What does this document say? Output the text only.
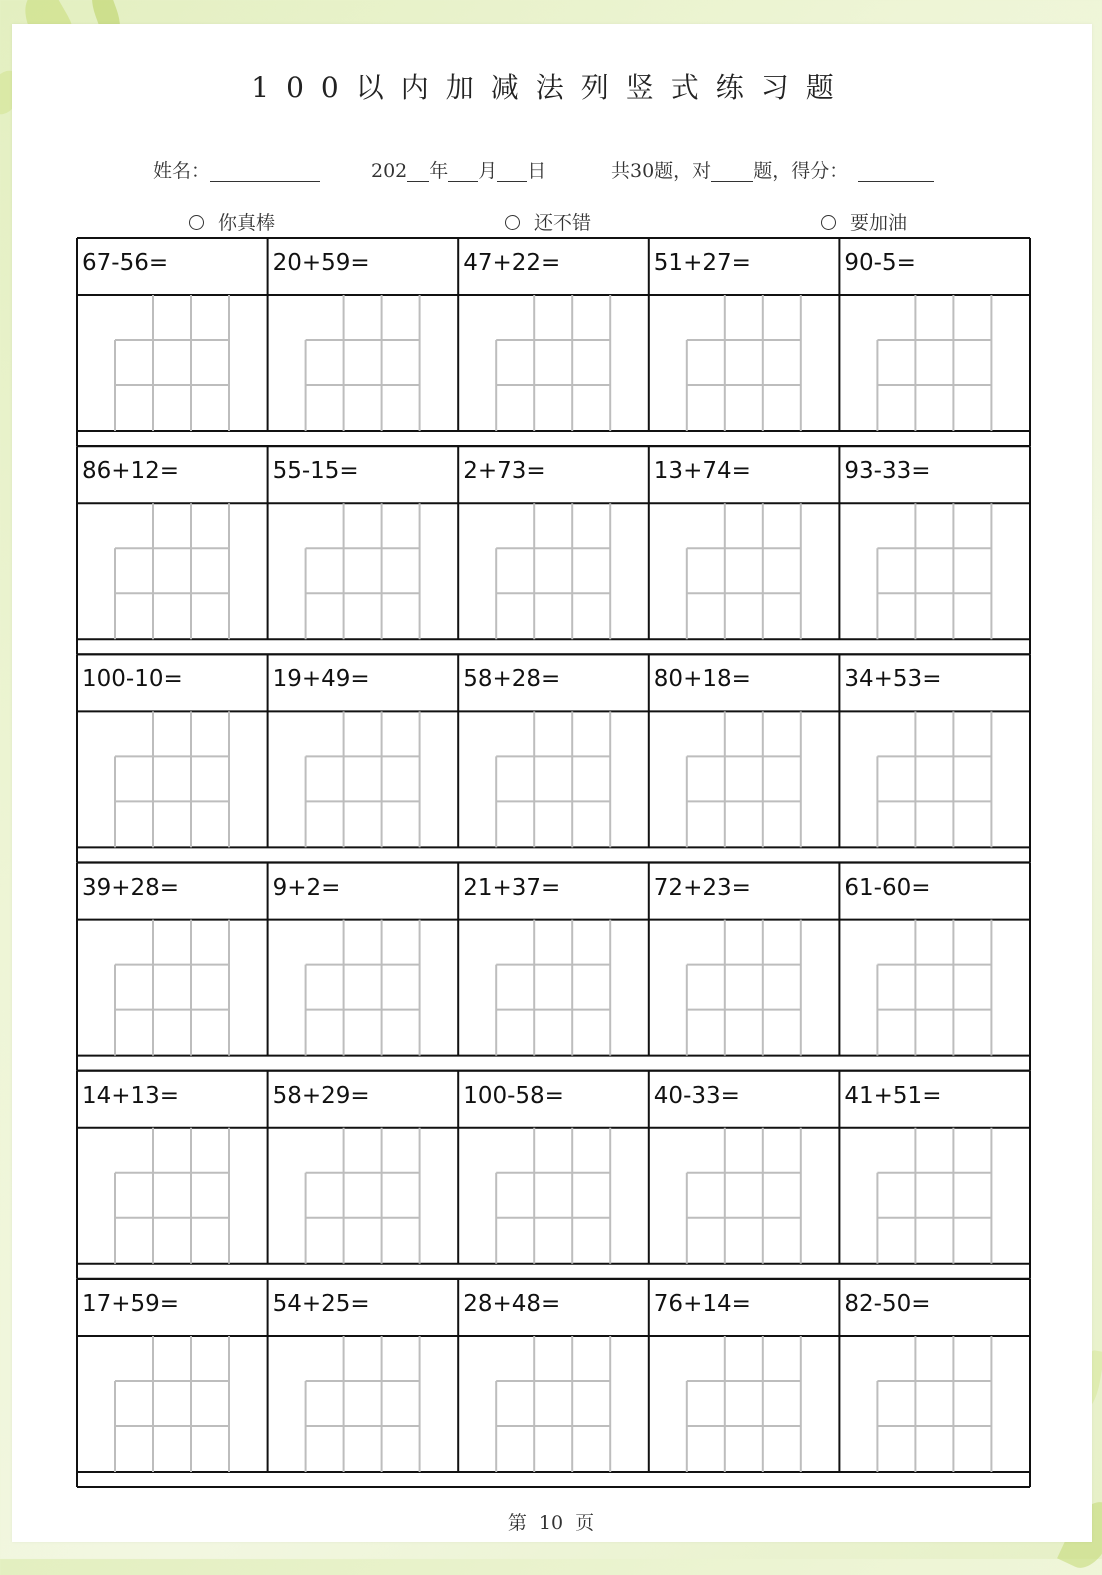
100以内加减法列竖式练习题
姓名：	202 年 月 日	共30题，对 题，得分：
你真棒	还不错	要加油
67-56=	20+59=	47+22=	51+27=	90-5=
86+12=	55-15=	2+73=	13+74=	93-33=
100-10=	19+49=	58+28=	80+18=	34+53=
39+28=	9+2=	21+37=	72+23=	61-60=
14+13=	58+29=	100-58=	40-33=	41+51=
17+59=	54+25=	28+48=	76+14=	82-50=
第 10 页
